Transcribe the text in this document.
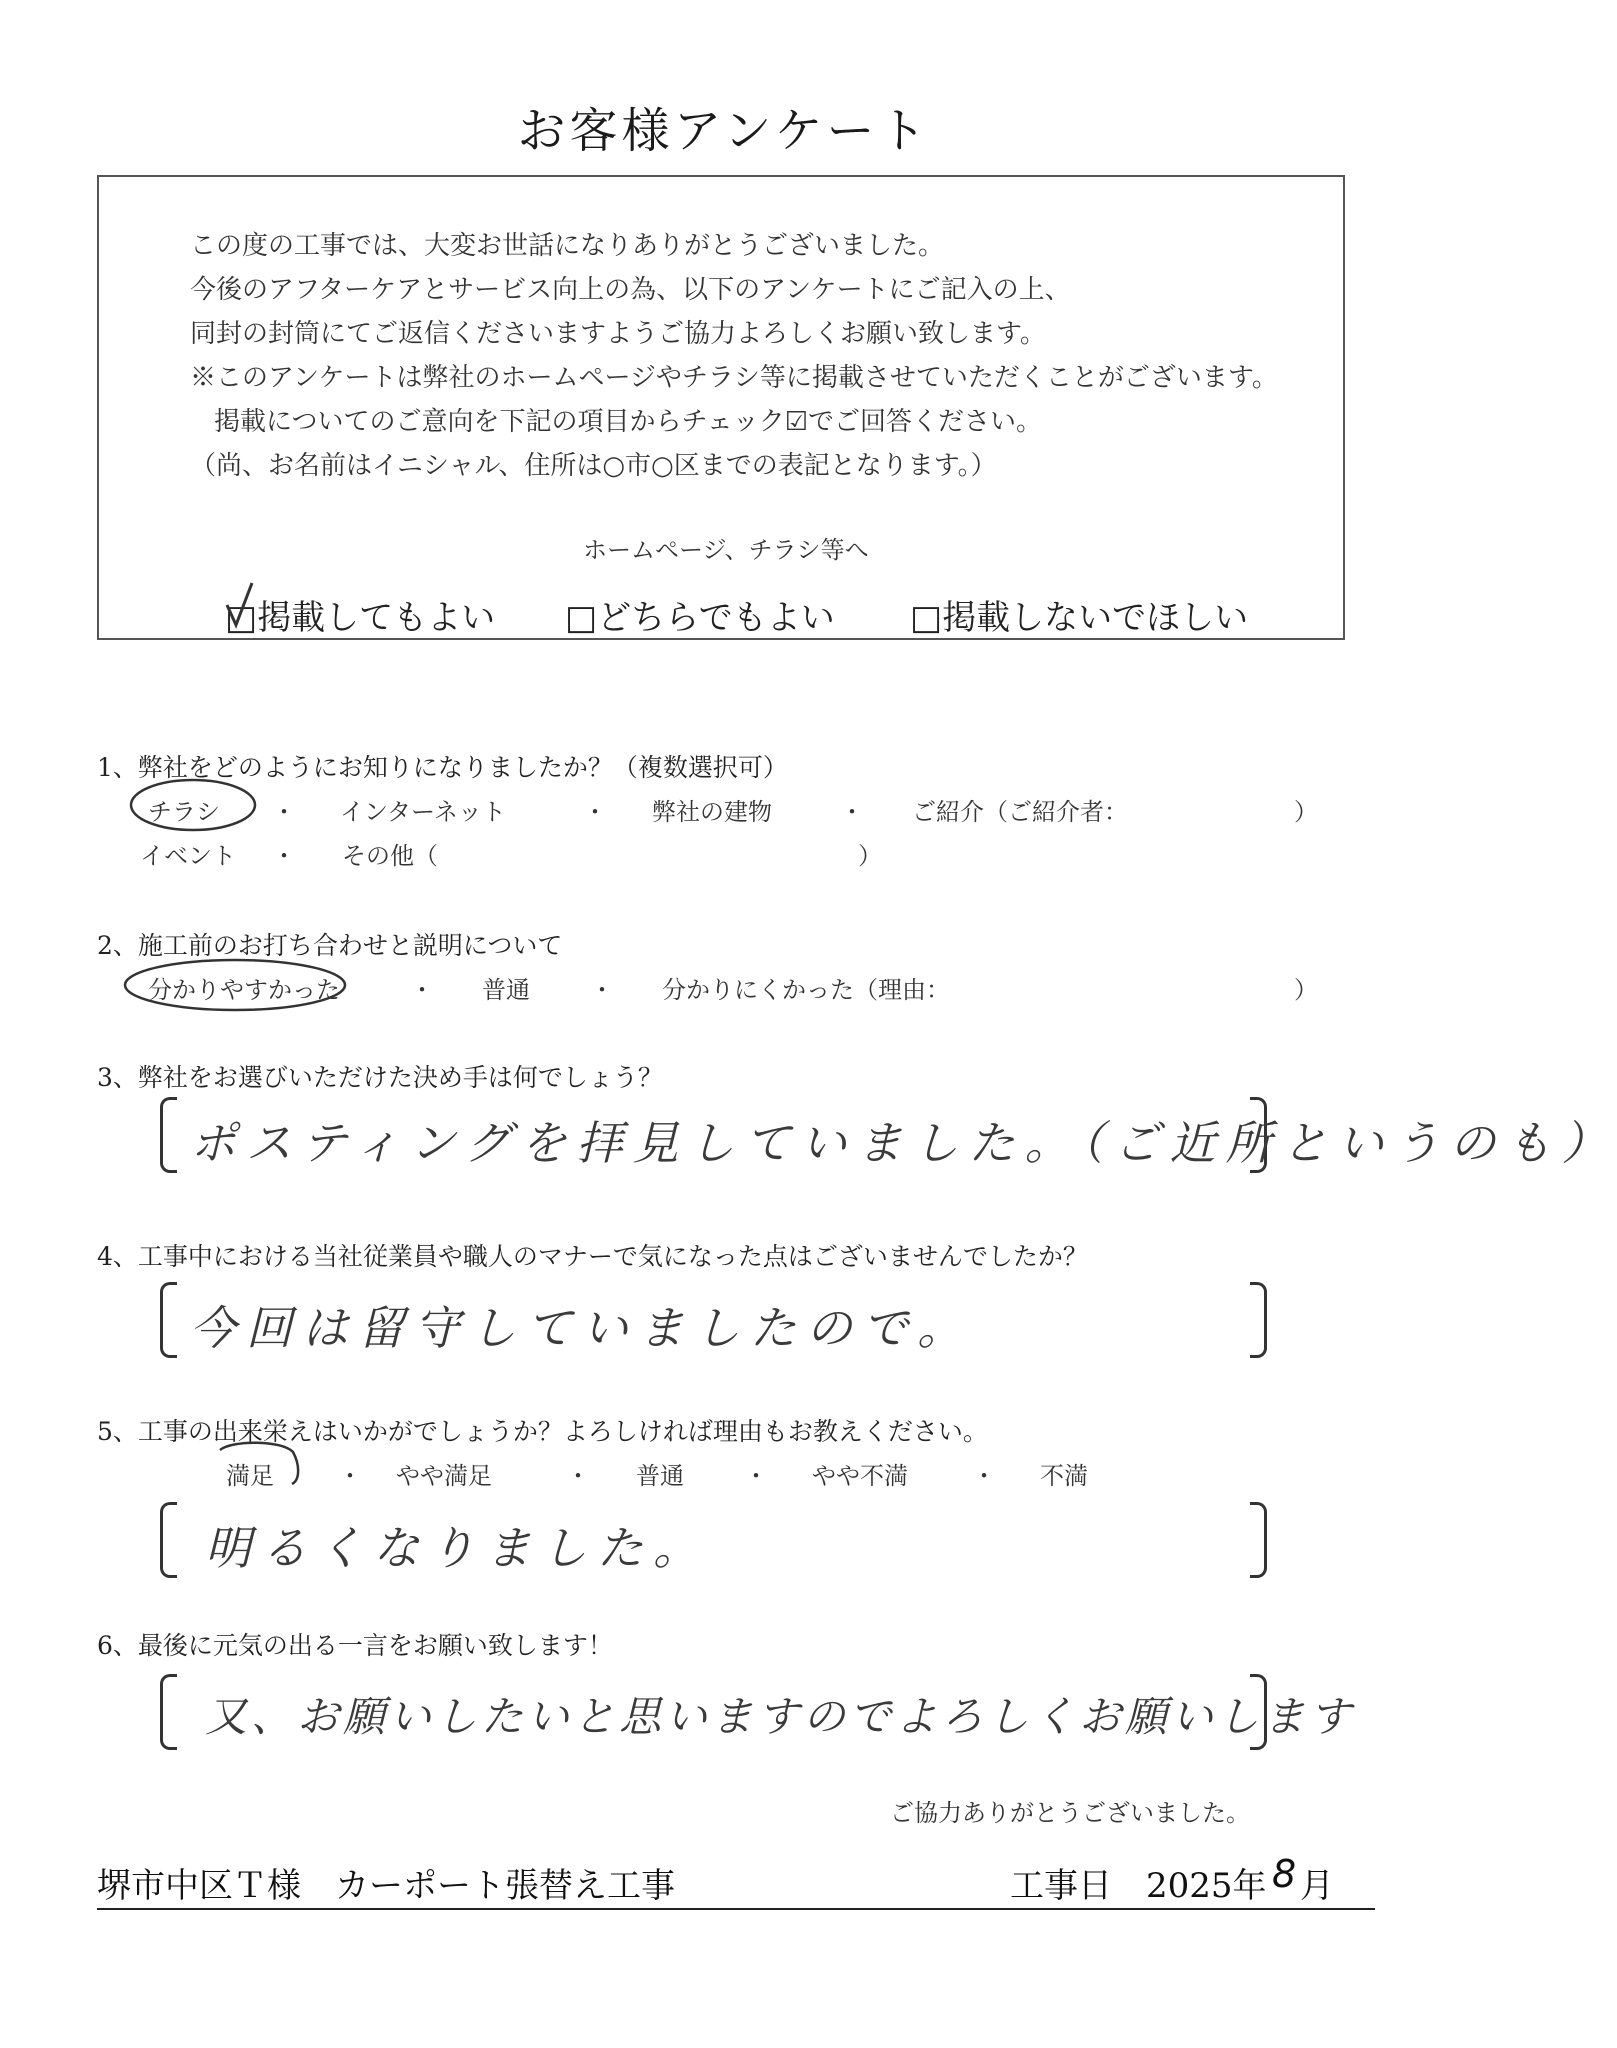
お客様アンケート
この度の工事では、大変お世話になりありがとうございました。
今後のアフターケアとサービス向上の為、以下のアンケートにご記入の上、
同封の封筒にてご返信くださいますようご協力よろしくお願い致します。
※このアンケートは弊社のホームページやチラシ等に掲載させていただくことがございます。
掲載についてのご意向を下記の項目からチェック☑でご回答ください。
（尚、お名前はイニシャル、住所は○市○区までの表記となります。）
ホームページ、チラシ等へ
□掲載してもよい □どちらでもよい □掲載しないでほしい
1、弊社をどのようにお知りになりましたか？（複数選択可）
チラシ ・ インターネット	・ 弊社の建物	・ ご紹介（ご紹介者：	）
イベント ・ その他（	）
2、施工前のお打ち合わせと説明について
分かりやすかった	・ 普通	・ 分かりにくかった（理由：	）
3、弊社をお選びいただけた決め手は何でしょう？
ポスティングを拝見していました。（ご近所というのも）
4、工事中における当社従業員や職人のマナーで気になった点はございませんでしたか？
今回は留守していましたので。
5、工事の出来栄えはいかがでしょうか？よろしければ理由もお教えください。
満足	・ やや満足	・ 普通	・ やや不満	・ 不満
明るくなりました。
6、最後に元気の出る一言をお願い致します！
又、お願いしたいと思いますのでよろしくお願いします
ご協力ありがとうございました。
堺市中区Ｔ様　カーポート張替え工事	工事日　2025年 8 月
